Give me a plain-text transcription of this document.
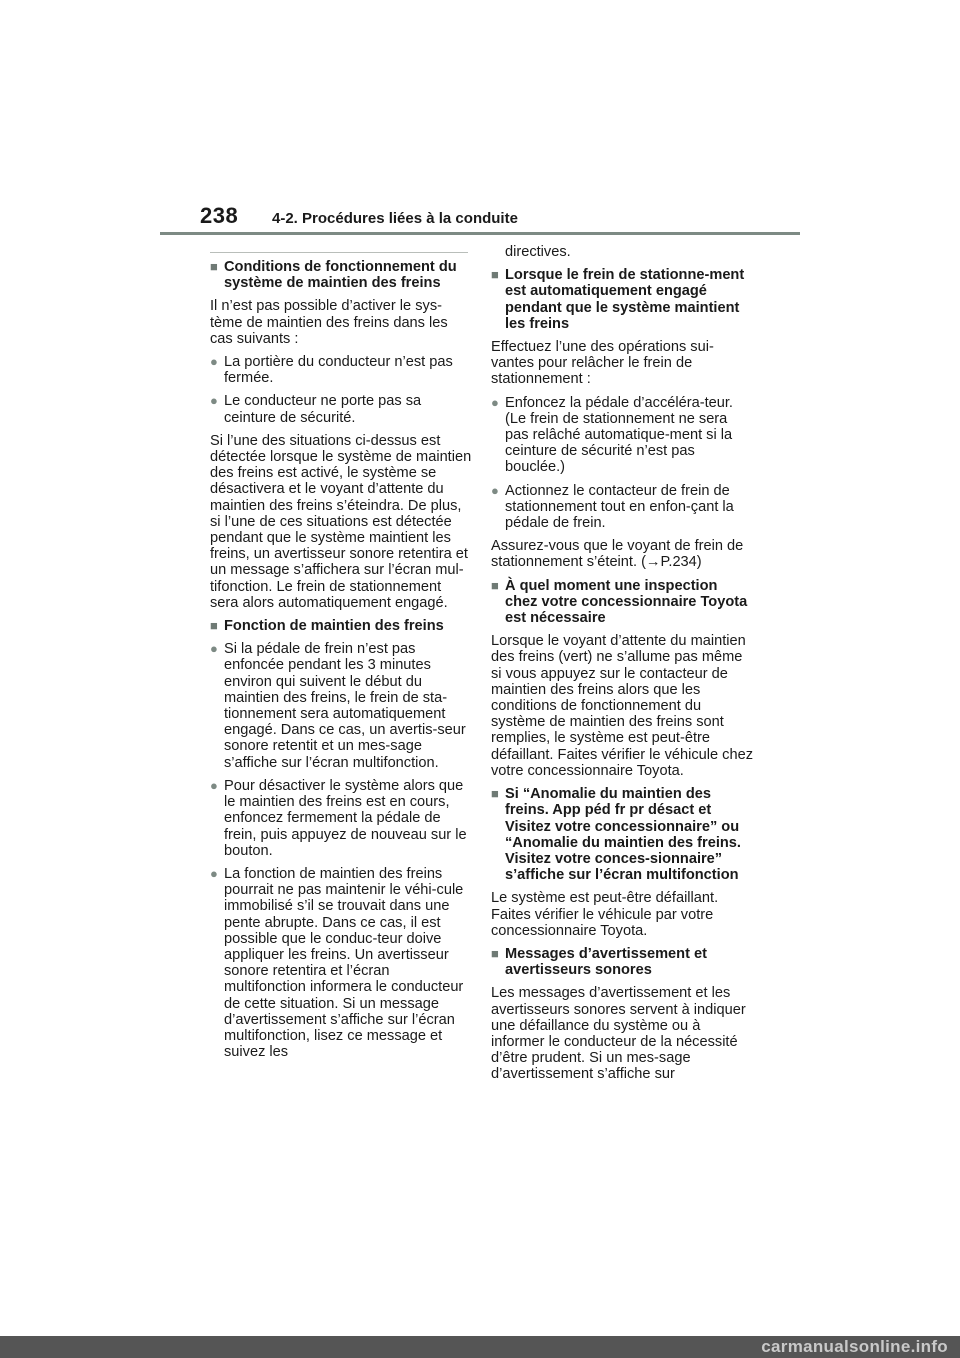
238 4-2. Procédures liées à la conduite
■ Conditions de fonctionnement du système de maintien des freins
Il n’est pas possible d’activer le sys-tème de maintien des freins dans les cas suivants :
● La portière du conducteur n’est pas fermée.
● Le conducteur ne porte pas sa ceinture de sécurité.
Si l’une des situations ci-dessus est détectée lorsque le système de maintien des freins est activé, le système se désactivera et le voyant d’attente du maintien des freins s’éteindra. De plus, si l’une de ces situations est détectée pendant que le système maintient les freins, un avertisseur sonore retentira et un message s’affichera sur l’écran mul-tifonction. Le frein de stationnement sera alors automatiquement engagé.
■ Fonction de maintien des freins
● Si la pédale de frein n’est pas enfoncée pendant les 3 minutes environ qui suivent le début du maintien des freins, le frein de sta-tionnement sera automatiquement engagé. Dans ce cas, un avertis-seur sonore retentit et un mes-sage s’affiche sur l’écran multifonction.
● Pour désactiver le système alors que le maintien des freins est en cours, enfoncez fermement la pédale de frein, puis appuyez de nouveau sur le bouton.
● La fonction de maintien des freins pourrait ne pas maintenir le véhi-cule immobilisé s’il se trouvait dans une pente abrupte. Dans ce cas, il est possible que le conduc-teur doive appliquer les freins. Un avertisseur sonore retentira et l’écran multifonction informera le conducteur de cette situation. Si un message d’avertissement s’affiche sur l’écran multifonction, lisez ce message et suivez les
directives.
■ Lorsque le frein de stationne-ment est automatiquement engagé pendant que le système maintient les freins
Effectuez l’une des opérations sui-vantes pour relâcher le frein de stationnement :
● Enfoncez la pédale d’accéléra-teur. (Le frein de stationnement ne sera pas relâché automatique-ment si la ceinture de sécurité n’est pas bouclée.)
● Actionnez le contacteur de frein de stationnement tout en enfon-çant la pédale de frein.
Assurez-vous que le voyant de frein de stationnement s’éteint. (→P.234)
■ À quel moment une inspection chez votre concessionnaire Toyota est nécessaire
Lorsque le voyant d’attente du maintien des freins (vert) ne s’allume pas même si vous appuyez sur le contacteur de maintien des freins alors que les conditions de fonctionnement du système de maintien des freins sont remplies, le système est peut-être défaillant. Faites vérifier le véhicule chez votre concessionnaire Toyota.
■ Si “Anomalie du maintien des freins. App péd fr pr désact et Visitez votre concessionnaire” ou “Anomalie du maintien des freins. Visitez votre conces-sionnaire” s’affiche sur l’écran multifonction
Le système est peut-être défaillant. Faites vérifier le véhicule par votre concessionnaire Toyota.
■ Messages d’avertissement et avertisseurs sonores
Les messages d’avertissement et les avertisseurs sonores servent à indiquer une défaillance du système ou à informer le conducteur de la nécessité d’être prudent. Si un mes-sage d’avertissement s’affiche sur
carmanualsonline.info
